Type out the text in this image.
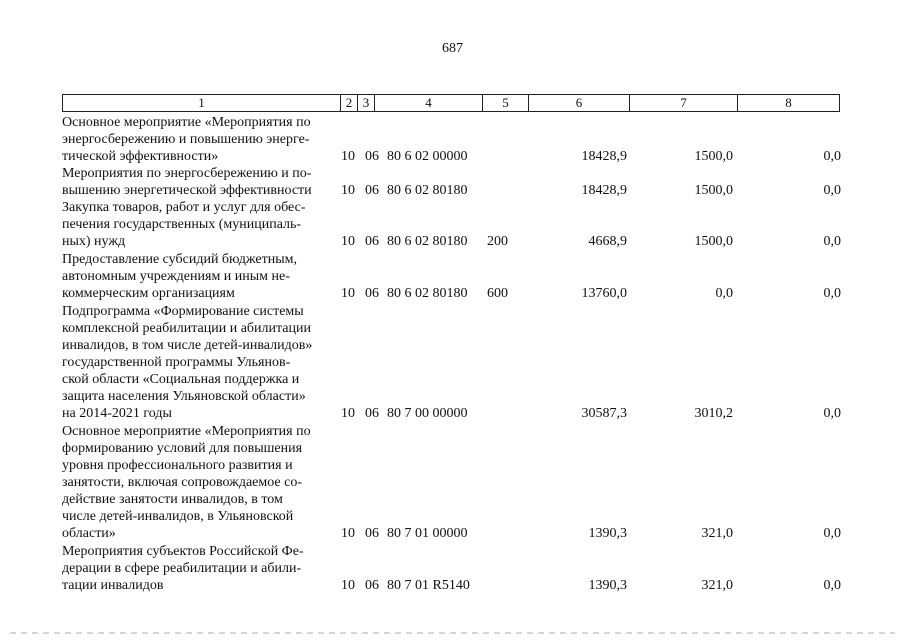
687
1	2 3	4	5	6	7	8
Основное мероприятие «Мероприятия по
энергосбережению и повышению энерге-
тической эффективности»	10 06 80 6 02 00000	18428,9	1500,0	0,0
Мероприятия по энергосбережению и по-
вышению энергетической эффективности	10 06 80 6 02 80180	18428,9	1500,0	0,0
Закупка товаров, работ и услуг для обес-
печения государственных (муниципаль-
ных) нужд	10 06 80 6 02 80180 200	4668,9	1500,0	0,0
Предоставление субсидий бюджетным,
автономным учреждениям и иным не-
коммерческим организациям	10 06 80 6 02 80180 600	13760,0	0,0	0,0
Подпрограмма «Формирование системы
комплексной реабилитации и абилитации
инвалидов, в том числе детей-инвалидов»
государственной программы Ульянов-
ской области «Социальная поддержка и
защита населения Ульяновской области»
на 2014-2021 годы	10 06 80 7 00 00000	30587,3	3010,2	0,0
Основное мероприятие «Мероприятия по
формированию условий для повышения
уровня профессионального развития и
занятости, включая сопровождаемое со-
действие занятости инвалидов, в том
числе детей-инвалидов, в Ульяновской
области»	10 06 80 7 01 00000	1390,3	321,0	0,0
Мероприятия субъектов Российской Фе-
дерации в сфере реабилитации и абили-
тации инвалидов	10 06 80 7 01 R5140	1390,3	321,0	0,0
